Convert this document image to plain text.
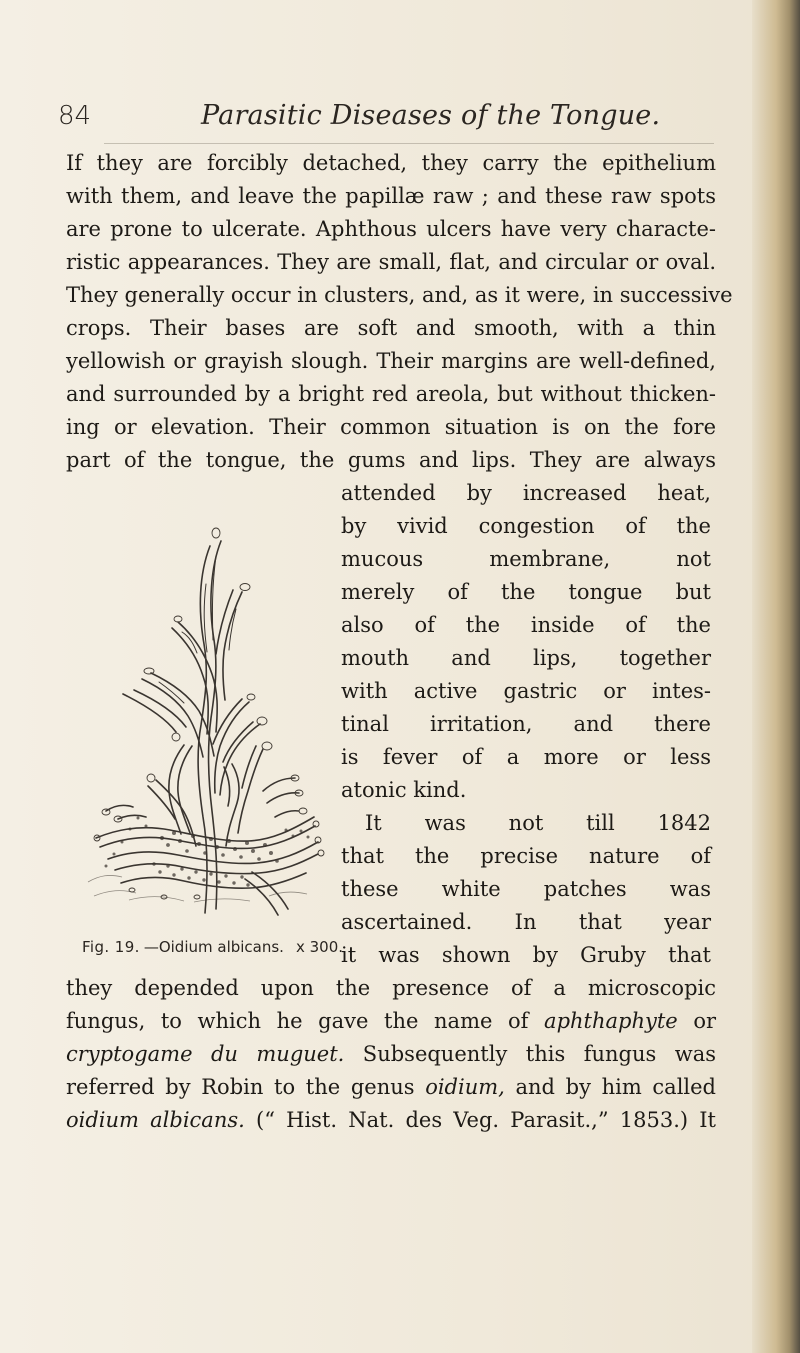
84	Parasitic Diseases of the Tongue.
If they are forcibly detached, they carry the epithelium
with them, and leave the papillæ raw ; and these raw spots
are prone to ulcerate. Aphthous ulcers have very characte-
ristic appearances. They are small, flat, and circular or oval.
They generally occur in clusters, and, as it were, in successive
crops. Their bases are soft and smooth, with a thin
yellowish or grayish slough. Their margins are well-defined,
and surrounded by a bright red areola, but without thicken-
ing or elevation. Their common situation is on the fore
part of the tongue, the gums and lips. They are always
attended by increased heat,
by vivid congestion of the
mucous membrane, not
merely of the tongue but
also of the inside of the
mouth and lips, together
with active gastric or intes-
tinal irritation, and there
is fever of a more or less
atonic kind.
It was not till 1842
that the precise nature of
these white patches was
ascertained. In that year
it was shown by Gruby that
they depended upon the presence of a microscopic
fungus, to which he gave the name of aphthaphyte or
cryptogame du muguet. Subsequently this fungus was
referred by Robin to the genus oidium, and by him called
oidium albicans. (“ Hist. Nat. des Veg. Parasit.,” 1853.) It
Fig. 19. —Oidium albicans. x 300.
